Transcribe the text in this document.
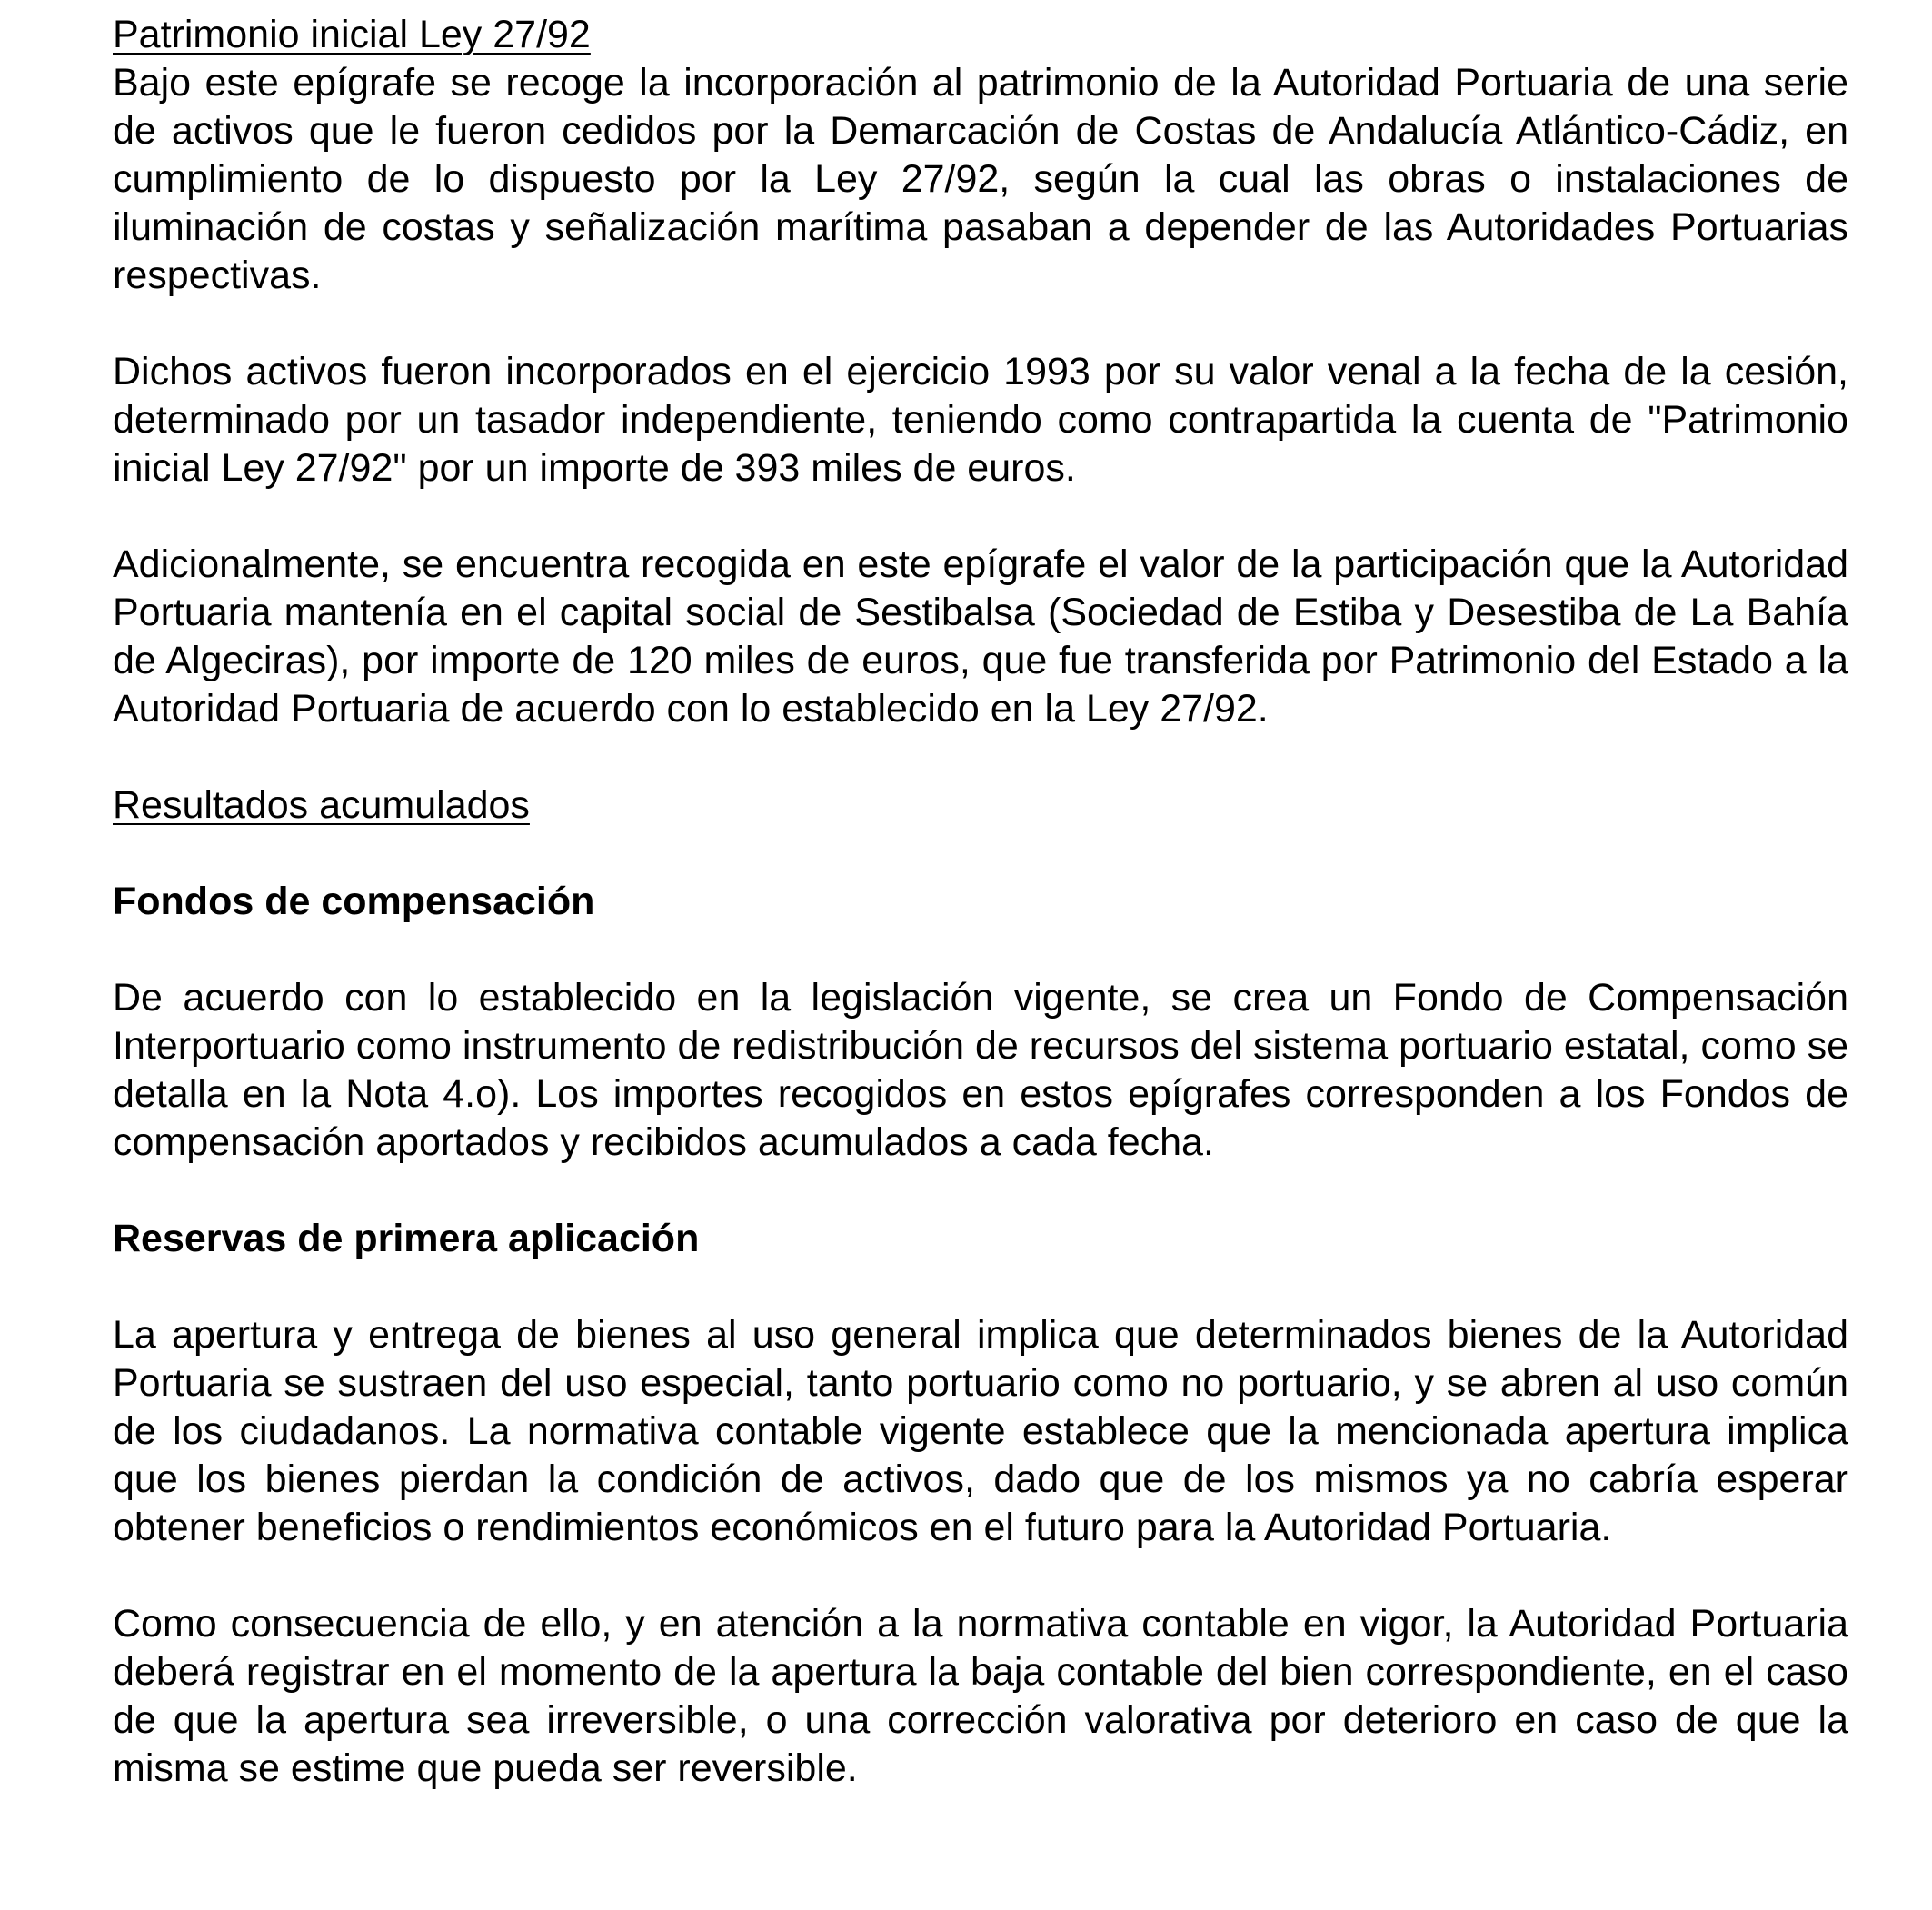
Patrimonio inicial Ley 27/92

Bajo este epígrafe se recoge la incorporación al patrimonio de la Autoridad Portuaria de una serie de activos que le fueron cedidos por la Demarcación de Costas de Andalucía Atlántico-Cádiz, en cumplimiento de lo dispuesto por la Ley 27/92, según la cual las obras o instalaciones de iluminación de costas y señalización marítima pasaban a depender de las Autoridades Portuarias respectivas.

Dichos activos fueron incorporados en el ejercicio 1993 por su valor venal a la fecha de la cesión, determinado por un tasador independiente, teniendo como contrapartida la cuenta de "Patrimonio inicial Ley 27/92" por un importe de 393 miles de euros.

Adicionalmente, se encuentra recogida en este epígrafe el valor de la participación que la Autoridad Portuaria mantenía en el capital social de Sestibalsa (Sociedad de Estiba y Desestiba de La Bahía de Algeciras), por importe de 120 miles de euros, que fue transferida por Patrimonio del Estado a la Autoridad Portuaria de acuerdo con lo establecido en la Ley 27/92.

Resultados acumulados
Fondos de compensación

De acuerdo con lo establecido en la legislación vigente, se crea un Fondo de Compensación Interportuario como instrumento de redistribución de recursos del sistema portuario estatal, como se detalla en la Nota 4.o). Los importes recogidos en estos epígrafes corresponden a los Fondos de compensación aportados y recibidos acumulados a cada fecha.

Reservas de primera aplicación

La apertura y entrega de bienes al uso general implica que determinados bienes de la Autoridad Portuaria se sustraen del uso especial, tanto portuario como no portuario, y se abren al uso común de los ciudadanos. La normativa contable vigente establece que la mencionada apertura implica que los bienes pierdan la condición de activos, dado que de los mismos ya no cabría esperar obtener beneficios o rendimientos económicos en el futuro para la Autoridad Portuaria.

Como consecuencia de ello, y en atención a la normativa contable en vigor, la Autoridad Portuaria deberá registrar en el momento de la apertura la baja contable del bien correspondiente, en el caso de que la apertura sea irreversible, o una corrección valorativa por deterioro en caso de que la misma se estime que pueda ser reversible.
